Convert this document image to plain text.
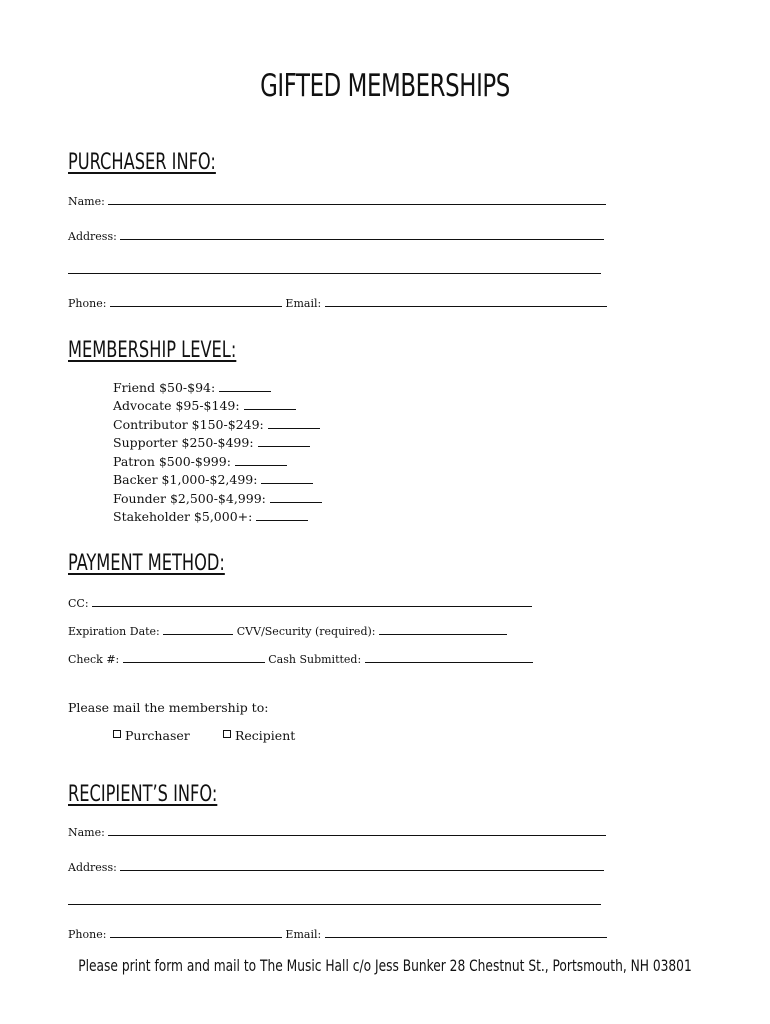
GIFTED MEMBERSHIPS
PURCHASER INFO:
Name:
Address:
Phone:	Email:
MEMBERSHIP LEVEL:
Friend $50-$94:
Advocate $95-$149:
Contributor $150-$249:
Supporter $250-$499:
Patron $500-$999:
Backer $1,000-$2,499:
Founder $2,500-$4,999:
Stakeholder $5,000+:
PAYMENT METHOD:
CC:
Expiration Date:	CVV/Security (required):
Check #:	Cash Submitted:
Please mail the membership to:
Purchaser	Recipient
RECIPIENT’S INFO:
Name:
Address:
Phone:	Email:
Please print form and mail to The Music Hall c/o Jess Bunker 28 Chestnut St., Portsmouth, NH 03801
